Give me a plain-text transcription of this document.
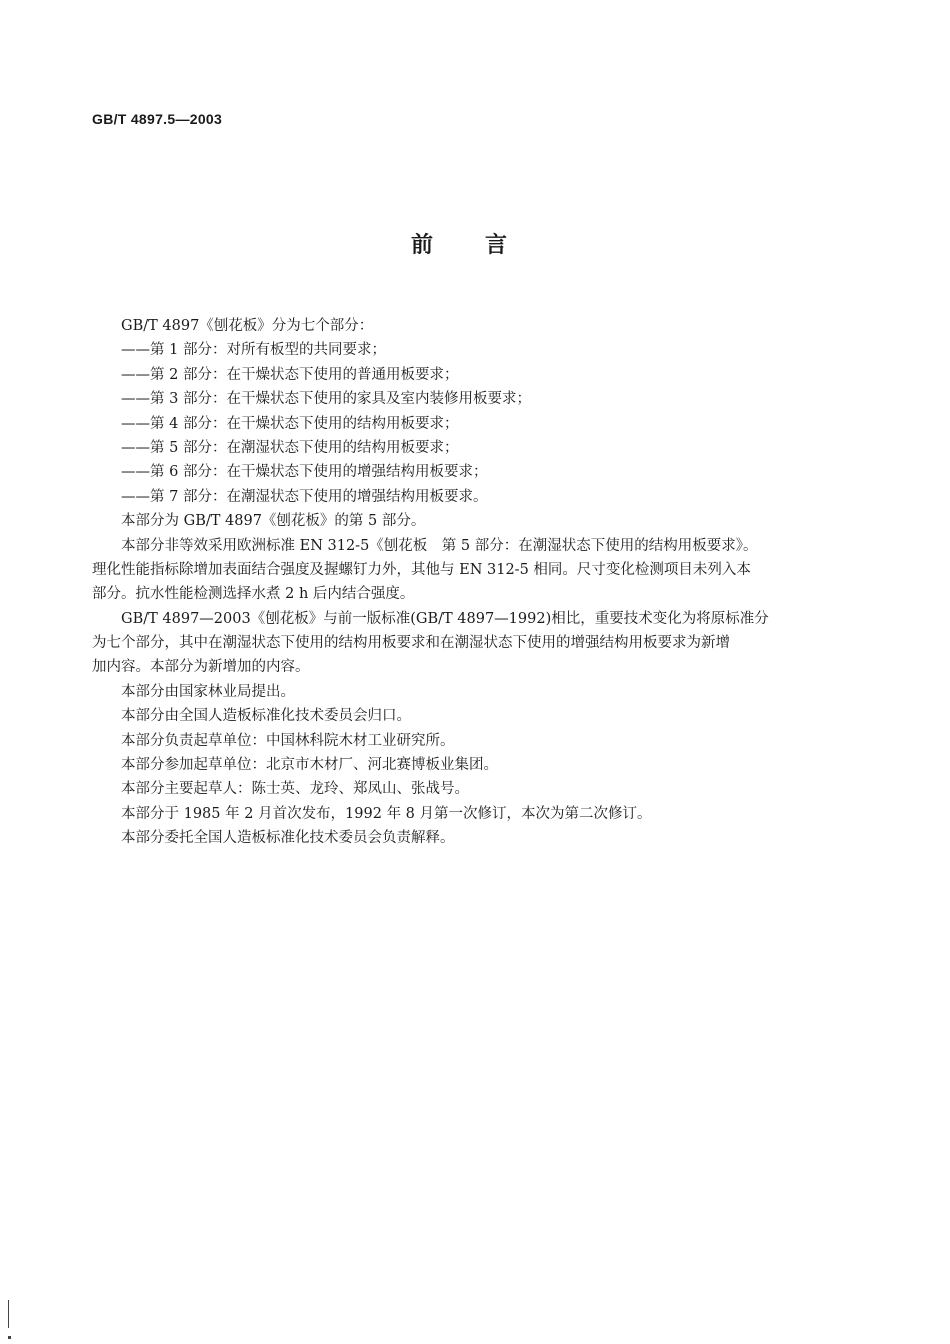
GB/T 4897.5—2003
前言
GB/T 4897《刨花板》分为七个部分：
——第 1 部分：对所有板型的共同要求；
——第 2 部分：在干燥状态下使用的普通用板要求；
——第 3 部分：在干燥状态下使用的家具及室内装修用板要求；
——第 4 部分：在干燥状态下使用的结构用板要求；
——第 5 部分：在潮湿状态下使用的结构用板要求；
——第 6 部分：在干燥状态下使用的增强结构用板要求；
——第 7 部分：在潮湿状态下使用的增强结构用板要求。
本部分为 GB/T 4897《刨花板》的第 5 部分。
本部分非等效采用欧洲标准 EN 312-5《刨花板　第 5 部分：在潮湿状态下使用的结构用板要求》。
理化性能指标除增加表面结合强度及握螺钉力外，其他与 EN 312-5 相同。尺寸变化检测项目未列入本
部分。抗水性能检测选择水煮 2 h 后内结合强度。
GB/T 4897—2003《刨花板》与前一版标准(GB/T 4897—1992)相比，重要技术变化为将原标准分
为七个部分，其中在潮湿状态下使用的结构用板要求和在潮湿状态下使用的增强结构用板要求为新增
加内容。本部分为新增加的内容。
本部分由国家林业局提出。
本部分由全国人造板标准化技术委员会归口。
本部分负责起草单位：中国林科院木材工业研究所。
本部分参加起草单位：北京市木材厂、河北赛博板业集团。
本部分主要起草人：陈士英、龙玲、郑凤山、张战号。
本部分于 1985 年 2 月首次发布，1992 年 8 月第一次修订，本次为第二次修订。
本部分委托全国人造板标准化技术委员会负责解释。
